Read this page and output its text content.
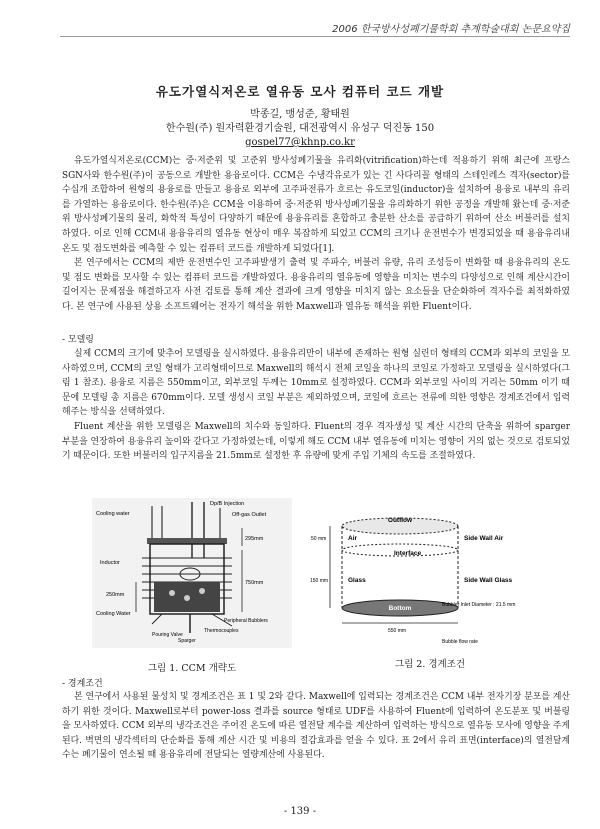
2006 한국방사성폐기물학회 추계학술대회 논문요약집
유도가열식저온로 열유동 모사 컴퓨터 코드 개발
박종길, 맹성준, 황태원
한수원(주) 원자력환경기술원, 대전광역시 유성구 덕진동 150
gospel77@khnp.co.kr

유도가열식저온로(CCM)는 중·저준위 및 고준위 방사성폐기물을 유리화(vitrification)하는데 적용하기 위해 최근에 프랑스 SGN사와 한수원(주)이 공동으로 개발한 용융로이다. CCM은 수냉각유로가 있는 긴 사다리꼴 형태의 스테인레스 격자(sector)를 수십개 조합하여 원형의 용융로를 만들고 용융로 외부에 고주파전류가 흐르는 유도코일(inductor)을 설치하여 용융로 내부의 유리를 가열하는 용융로이다. 한수원(주)은 CCM을 이용하여 중·저준위 방사성폐기물을 유리화하기 위한 공정을 개발해 왔는데 중·저준위 방사성폐기물의 물리, 화학적 특성이 다양하기 때문에 용융유리를 혼합하고 충분한 산소를 공급하기 위하여 산소 버블러를 설치하였다. 이로 인해 CCM내 용융유리의 열유동 현상이 매우 복잡하게 되었고 CCM의 크기나 운전변수가 변경되었을 때 용융유리내 온도 및 점도변화를 예측할 수 있는 컴퓨터 코드를 개발하게 되었다[1].

본 연구에서는 CCM의 제반 운전변수인 고주파발생기 출력 및 주파수, 버블러 유량, 유리 조성등이 변화할 때 용융유리의 온도 및 점도 변화를 모사할 수 있는 컴퓨터 코드를 개발하였다. 용융유리의 열유동에 영향을 미치는 변수의 다양성으로 인해 계산시간이 길어지는 문제점을 해결하고자 사전 검토를 통해 계산 결과에 크게 영향을 미치지 않는 요소들을 단순화하여 격자수를 최적화하였다. 본 연구에 사용된 상용 소프트웨어는 전자기 해석을 위한 Maxwell과 열유동 해석을 위한 Fluent이다.

- 모델링

실제 CCM의 크기에 맞추어 모델링을 실시하였다. 용융유리만이 내부에 존재하는 원형 실린더 형태의 CCM과 외부의 코일을 모사하였으며, CCM의 코일 형태가 고리형태이므로 Maxwell의 해석시 전체 코일을 하나의 코일로 가정하고 모델링을 실시하였다(그림 1 참조). 용융로 지름은 550mm이고, 외부코일 두께는 10mm로 설정하였다. CCM과 외부코일 사이의 거리는 50mm 이기 때문에 모델링 총 지름은 670mm이다. 모델 생성시 코일 부분은 제외하였으며, 코일에 흐르는 전류에 의한 영향은 경계조건에서 입력해주는 방식을 선택하였다.

Fluent 계산을 위한 모델링은 Maxwell의 치수와 동일하다. Fluent의 경우 격자생성 및 계산 시간의 단축을 위하여 sparger 부분을 연장하여 용융유리 높이와 같다고 가정하였는데, 이렇게 해도 CCM 내부 열유동에 미치는 영향이 거의 없는 것으로 검토되었기 때문이다. 또한 버블러의 입구지름을 21.5mm로 설정한 후 유량에 맞게 주입 기체의 속도를 조절하였다.

Cooling water
Dp/B Injection
Off-gas Outlet
Inductor
295mm
250mm
750mm
Cooling Water
Pouring Valve
Sparger
Thermocouples
Peripheral Bubblers
그림 1. CCM 개략도
Outflow
Air	Side Wall Air
Interface
Glass	Side Wall Glass
Bottom	Bubbler Inlet Diameter : 21.5 mm
Bubble flow rate
50 mm
150 mm
550 mm
그림 2. 경계조건
- 경계조건

본 연구에서 사용된 물성치 및 경계조건은 표 1 및 2와 같다. Maxwell에 입력되는 경계조건은 CCM 내부 전자기장 분포를 계산하기 위한 것이다. Maxwell로부터 power-loss 결과를 source 형태로 UDF를 사용하여 Fluent에 입력하여 온도분포 및 버블링을 모사하였다. CCM 외부의 냉각조건은 주어진 온도에 따른 열전달 계수를 계산하여 입력하는 방식으로 열유동 모사에 영향을 주게 된다. 벽면의 냉각섹터의 단순화를 통해 계산 시간 및 비용의 절감효과를 얻을 수 있다. 표 2에서 유리 표면(interface)의 열전달계수는 폐기물이 연소될 때 용융유리에 전달되는 열량계산에 사용된다.

- 139 -
